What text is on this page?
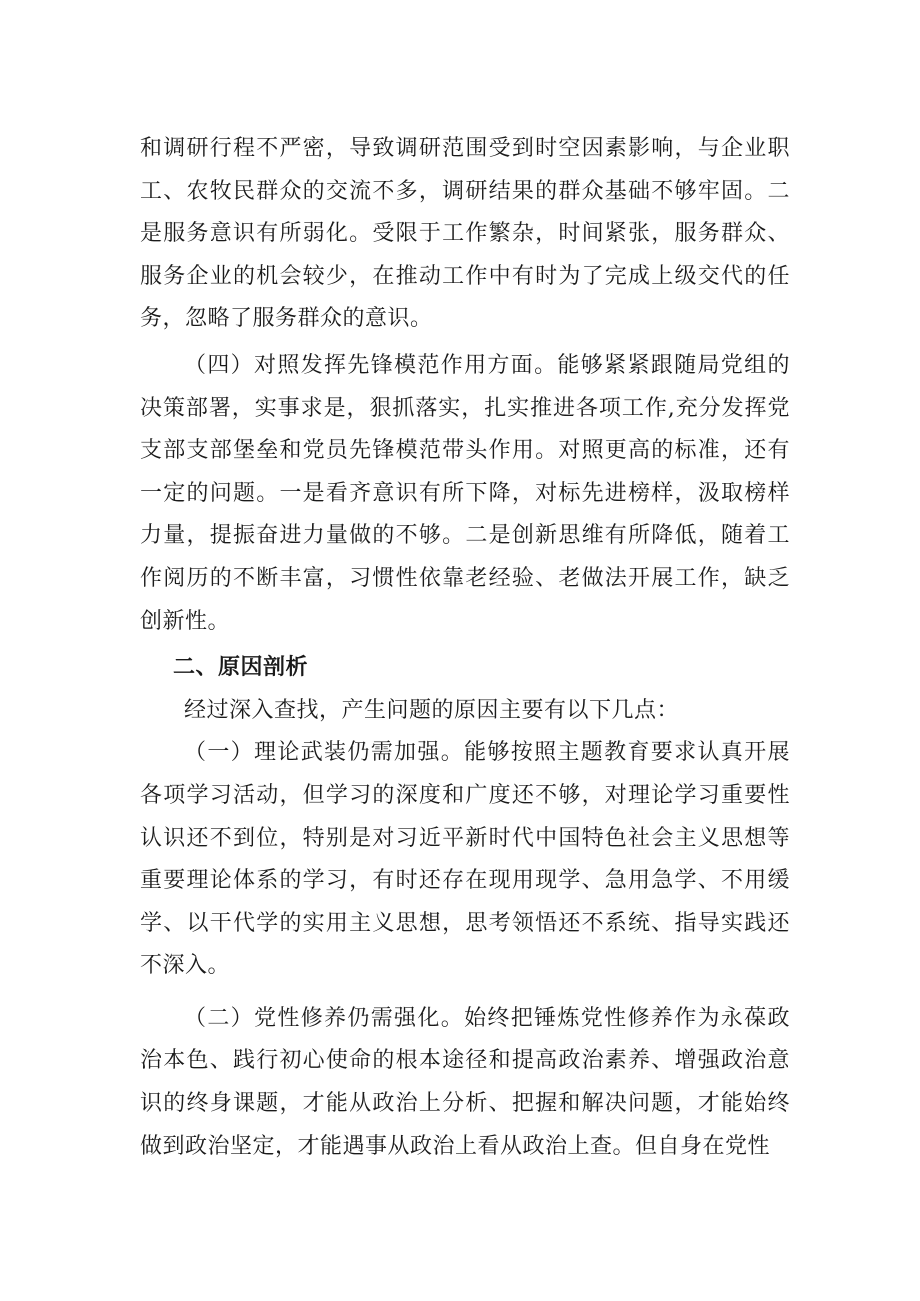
和调研行程不严密，导致调研范围受到时空因素影响，与企业职工、农牧民群众的交流不多，调研结果的群众基础不够牢固。二是服务意识有所弱化。受限于工作繁杂，时间紧张，服务群众、服务企业的机会较少，在推动工作中有时为了完成上级交代的任务，忽略了服务群众的意识。

（四）对照发挥先锋模范作用方面。能够紧紧跟随局党组的决策部署，实事求是，狠抓落实，扎实推进各项工作,充分发挥党支部支部堡垒和党员先锋模范带头作用。对照更高的标准，还有一定的问题。一是看齐意识有所下降，对标先进榜样，汲取榜样力量，提振奋进力量做的不够。二是创新思维有所降低，随着工作阅历的不断丰富，习惯性依靠老经验、老做法开展工作，缺乏创新性。

二、原因剖析

经过深入查找，产生问题的原因主要有以下几点：

（一）理论武装仍需加强。能够按照主题教育要求认真开展各项学习活动，但学习的深度和广度还不够，对理论学习重要性认识还不到位，特别是对习近平新时代中国特色社会主义思想等重要理论体系的学习，有时还存在现用现学、急用急学、不用缓学、以干代学的实用主义思想，思考领悟还不系统、指导实践还不深入。

（二）党性修养仍需强化。始终把锤炼党性修养作为永葆政治本色、践行初心使命的根本途径和提高政治素养、增强政治意识的终身课题，才能从政治上分析、把握和解决问题，才能始终做到政治坚定，才能遇事从政治上看从政治上查。但自身在党性
